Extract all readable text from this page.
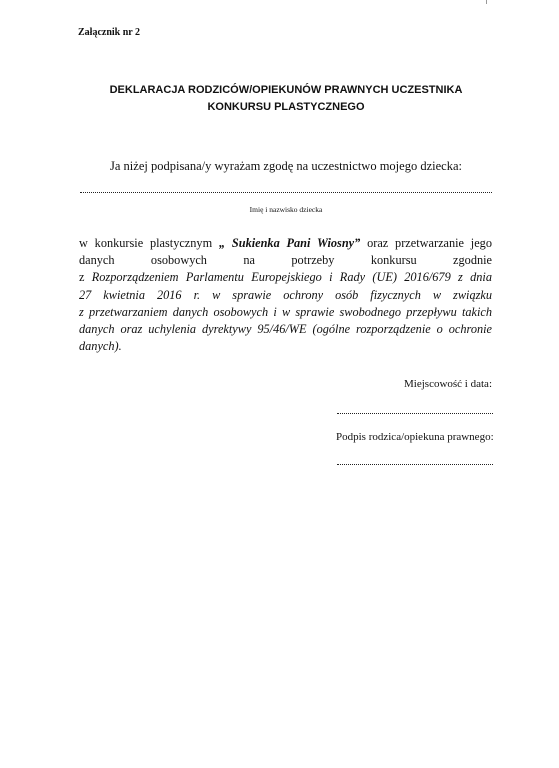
Załącznik nr 2
DEKLARACJA RODZICÓW/OPIEKUNÓW PRAWNYCH UCZESTNIKA
KONKURSU PLASTYCZNEGO
Ja niżej podpisana/y wyrażam zgodę na uczestnictwo mojego dziecka:
Imię i nazwisko dziecka
w konkursie plastycznym „ Sukienka Pani Wiosny” oraz przetwarzanie jego
danych osobowych na potrzeby konkursu zgodnie
z Rozporządzeniem Parlamentu Europejskiego i Rady (UE) 2016/679 z dnia
27 kwietnia 2016 r. w sprawie ochrony osób fizycznych w związku
z przetwarzaniem danych osobowych i w sprawie swobodnego przepływu takich
danych oraz uchylenia dyrektywy 95/46/WE (ogólne rozporządzenie o ochronie
danych).
Miejscowość i data:
Podpis rodzica/opiekuna prawnego:
